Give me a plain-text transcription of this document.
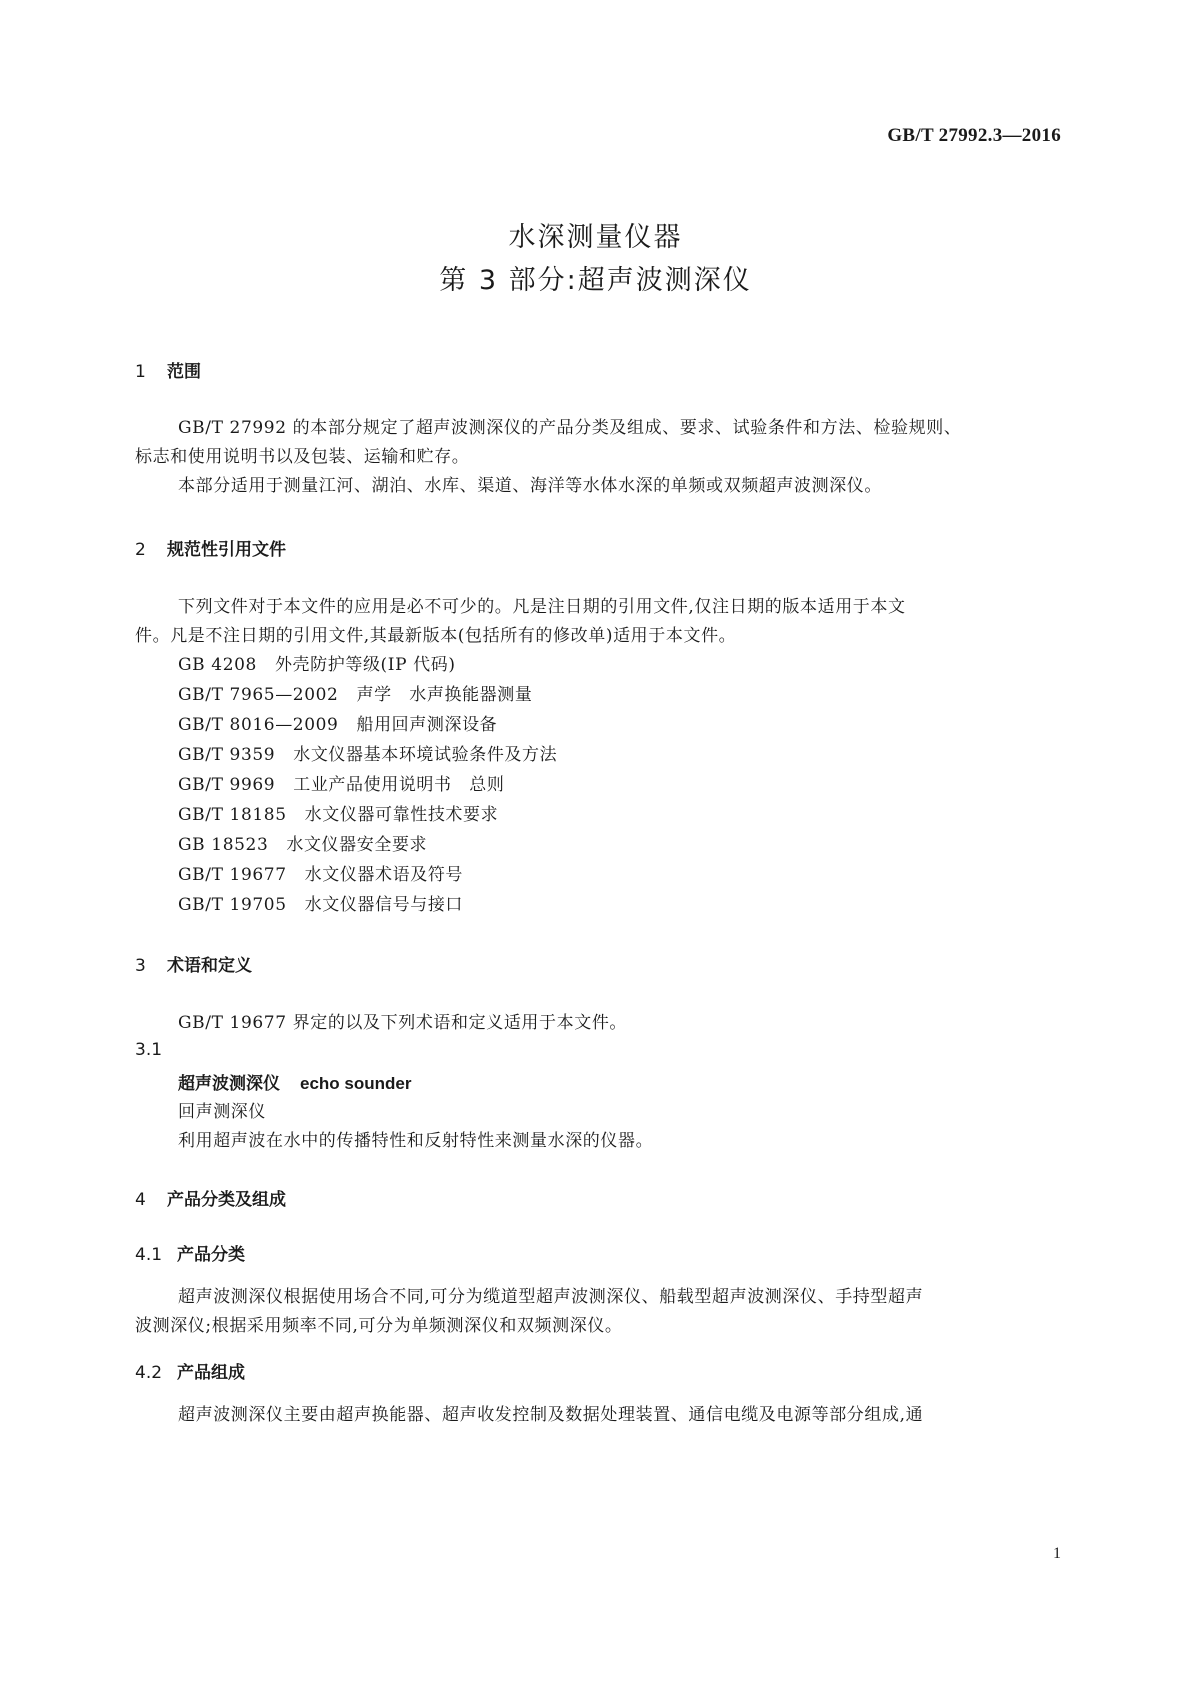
GB/T 27992.3—2016
水深测量仪器
第 3 部分:超声波测深仪
1 范围
GB/T 27992 的本部分规定了超声波测深仪的产品分类及组成、要求、试验条件和方法、检验规则、
标志和使用说明书以及包装、运输和贮存。
本部分适用于测量江河、湖泊、水库、渠道、海洋等水体水深的单频或双频超声波测深仪。
2 规范性引用文件
下列文件对于本文件的应用是必不可少的。凡是注日期的引用文件,仅注日期的版本适用于本文
件。凡是不注日期的引用文件,其最新版本(包括所有的修改单)适用于本文件。
GB 4208 外壳防护等级(IP 代码)
GB/T 7965—2002 声学　水声换能器测量
GB/T 8016—2009 船用回声测深设备
GB/T 9359 水文仪器基本环境试验条件及方法
GB/T 9969 工业产品使用说明书　总则
GB/T 18185 水文仪器可靠性技术要求
GB 18523 水文仪器安全要求
GB/T 19677 水文仪器术语及符号
GB/T 19705 水文仪器信号与接口
3 术语和定义
GB/T 19677 界定的以及下列术语和定义适用于本文件。
3.1
超声波测深仪 echo sounder
回声测深仪
利用超声波在水中的传播特性和反射特性来测量水深的仪器。
4 产品分类及组成
4.1 产品分类
超声波测深仪根据使用场合不同,可分为缆道型超声波测深仪、船载型超声波测深仪、手持型超声
波测深仪;根据采用频率不同,可分为单频测深仪和双频测深仪。
4.2 产品组成
超声波测深仪主要由超声换能器、超声收发控制及数据处理装置、通信电缆及电源等部分组成,通
1
